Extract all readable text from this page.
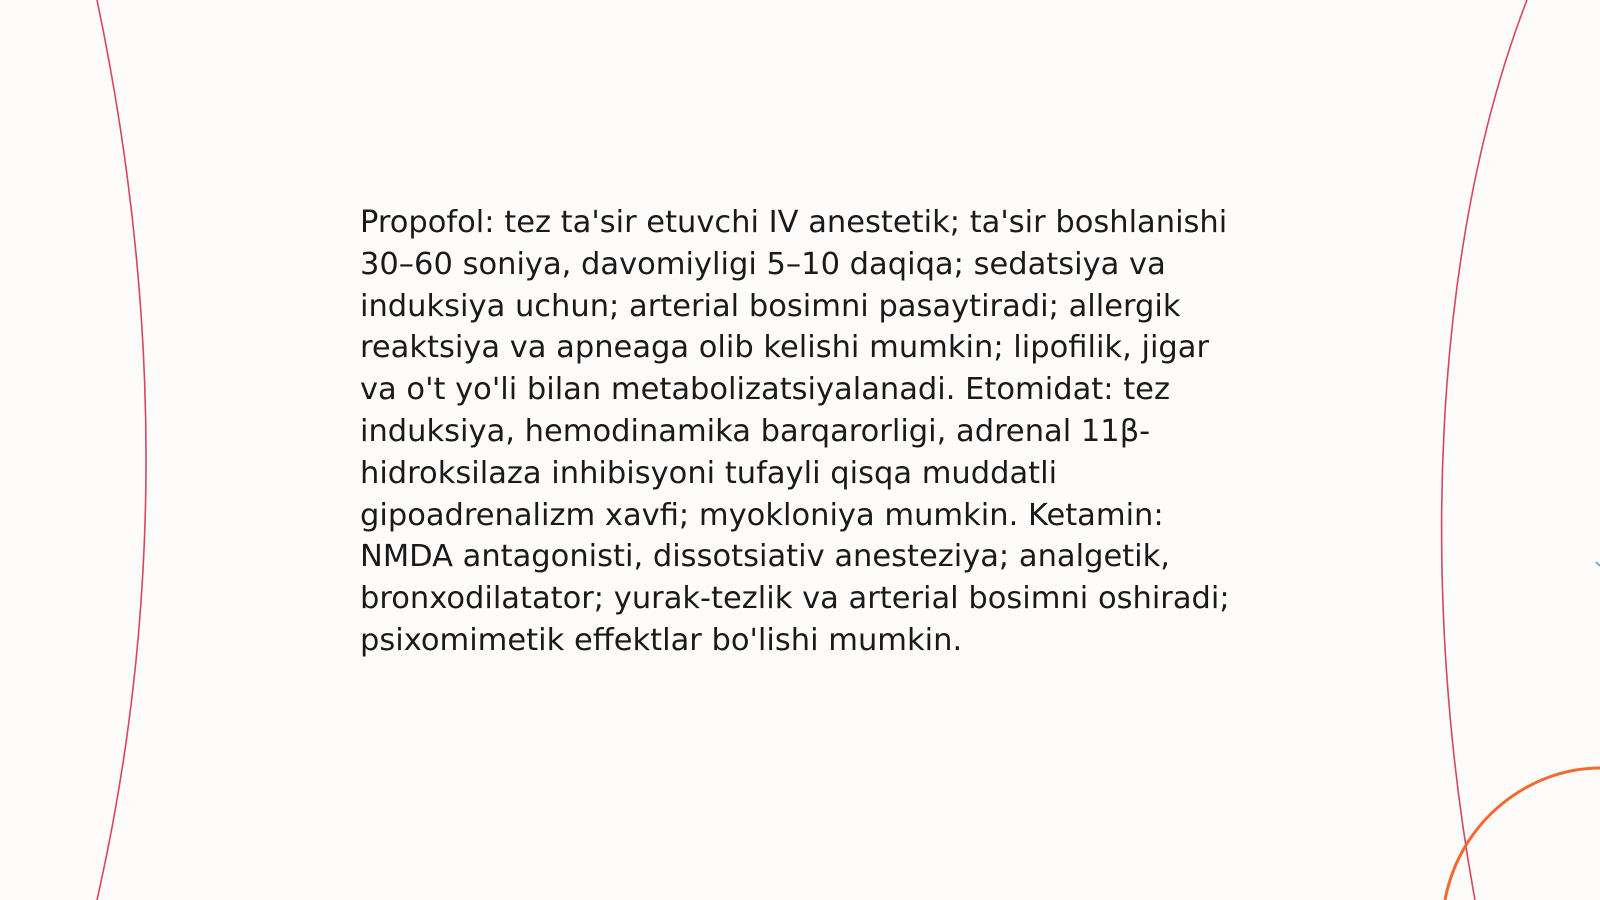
Propofol: tez ta'sir etuvchi IV anestetik; ta'sir boshlanishi 30–60 soniya, davomiyligi 5–10 daqiqa; sedatsiya va induksiya uchun; arterial bosimni pasaytiradi; allergik reaktsiya va apneaga olib kelishi mumkin; lipofilik, jigar va o't yo'li bilan metabolizatsiyalanadi. Etomidat: tez induksiya, hemodinamika barqarorligi, adrenal 11β-hidroksilaza inhibisyoni tufayli qisqa muddatli gipoadrenalizm xavfi; myokloniya mumkin. Ketamin: NMDA antagonisti, dissotsiativ anesteziya; analgetik, bronxodilatator; yurak-tezlik va arterial bosimni oshiradi; psixomimetik effektlar bo'lishi mumkin.
